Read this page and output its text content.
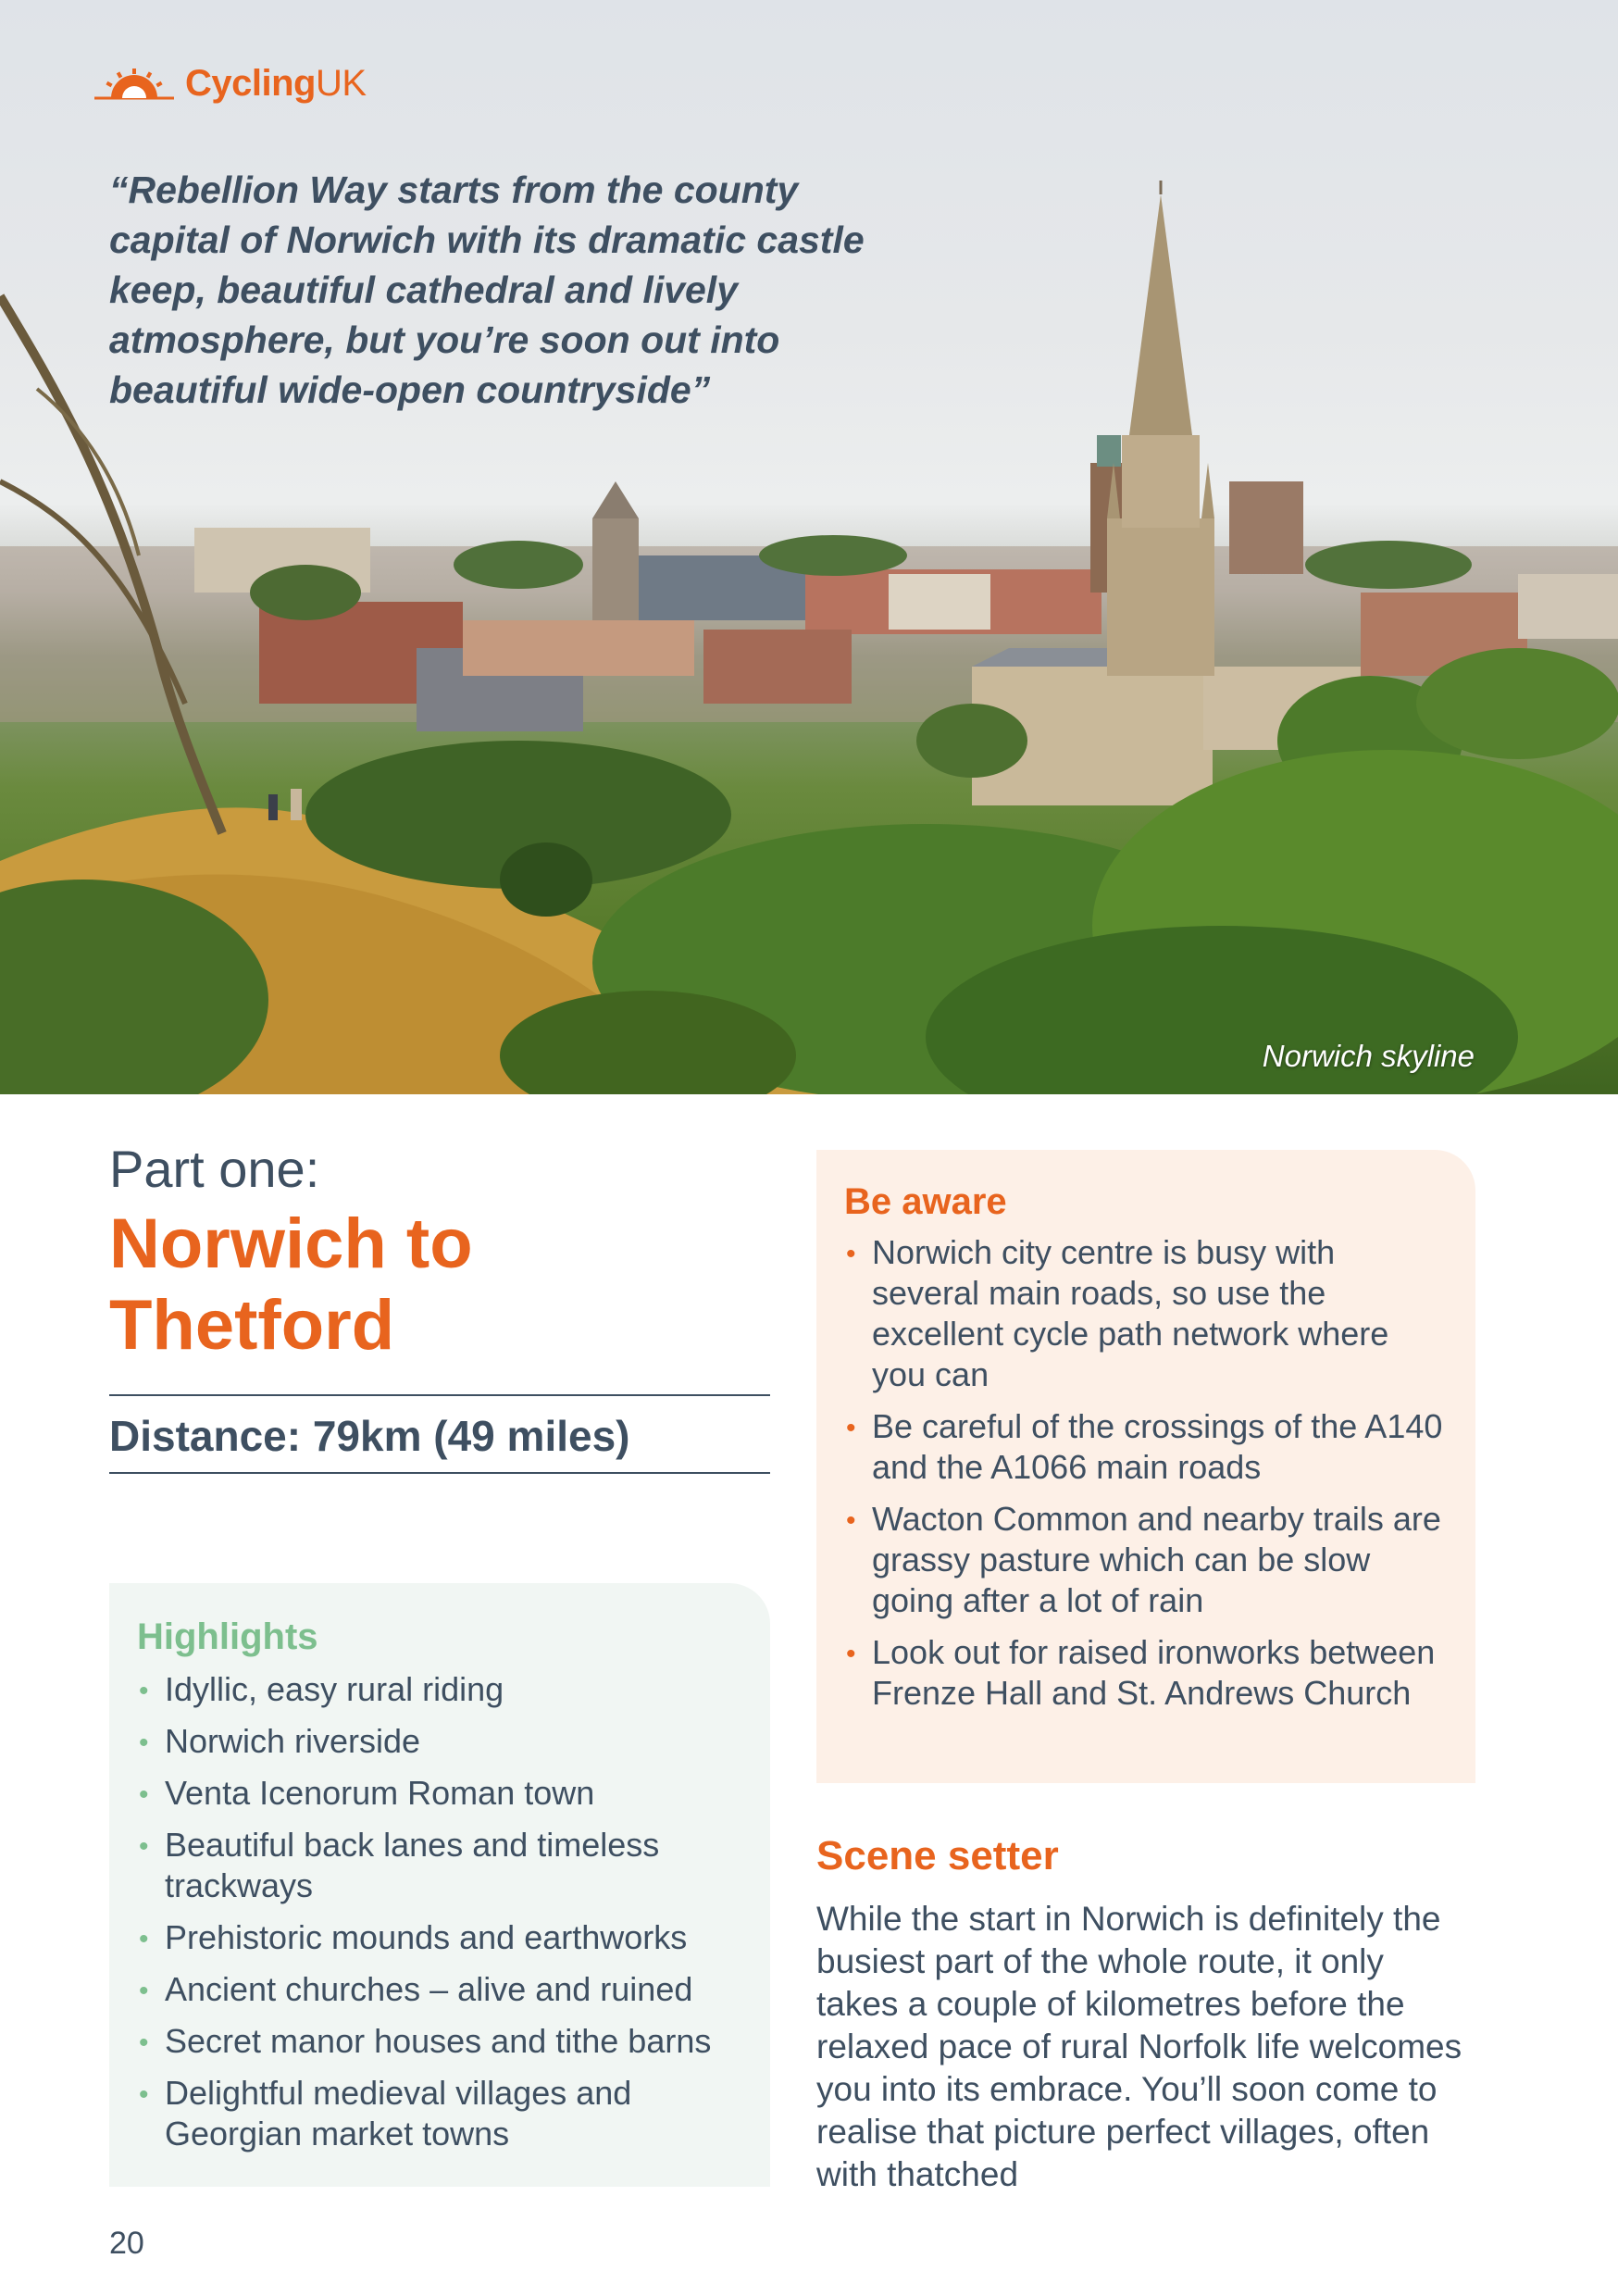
CyclingUK

“Rebellion Way starts from the county capital of Norwich with its dramatic castle keep, beautiful cathedral and lively atmosphere, but you’re soon out into beautiful wide-open countryside”

Norwich skyline
Part one:
Norwich to
Thetford
Distance: 79km (49 miles)
Highlights
• Idyllic, easy rural riding
• Norwich riverside
• Venta Icenorum Roman town
• Beautiful back lanes and timeless trackways
• Prehistoric mounds and earthworks
• Ancient churches – alive and ruined
• Secret manor houses and tithe barns
• Delightful medieval villages and Georgian market towns
20
Be aware
• Norwich city centre is busy with several main roads, so use the excellent cycle path network where you can
• Be careful of the crossings of the A140 and the A1066 main roads
• Wacton Common and nearby trails are grassy pasture which can be slow going after a lot of rain
• Look out for raised ironworks between Frenze Hall and St. Andrews Church
Scene setter

While the start in Norwich is definitely the busiest part of the whole route, it only takes a couple of kilometres before the relaxed pace of rural Norfolk life welcomes you into its embrace. You’ll soon come to realise that picture perfect villages, often with thatched
